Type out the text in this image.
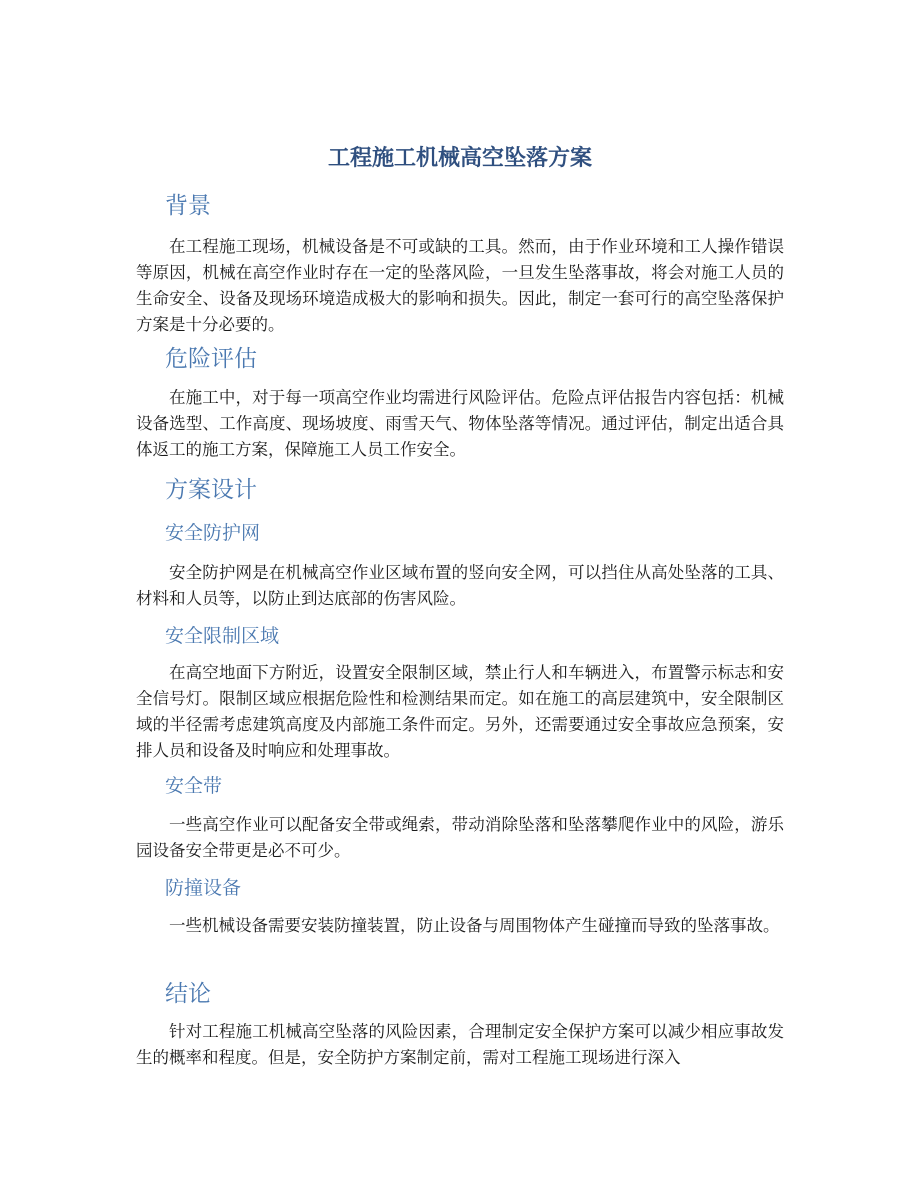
工程施工机械高空坠落方案
背景

在工程施工现场，机械设备是不可或缺的工具。然而，由于作业环境和工人操作错误等原因，机械在高空作业时存在一定的坠落风险，一旦发生坠落事故，将会对施工人员的生命安全、设备及现场环境造成极大的影响和损失。因此，制定一套可行的高空坠落保护方案是十分必要的。

危险评估

在施工中，对于每一项高空作业均需进行风险评估。危险点评估报告内容包括：机械设备选型、工作高度、现场坡度、雨雪天气、物体坠落等情况。通过评估，制定出适合具体返工的施工方案，保障施工人员工作安全。

方案设计
安全防护网

安全防护网是在机械高空作业区域布置的竖向安全网，可以挡住从高处坠落的工具、材料和人员等，以防止到达底部的伤害风险。

安全限制区域

在高空地面下方附近，设置安全限制区域，禁止行人和车辆进入，布置警示标志和安全信号灯。限制区域应根据危险性和检测结果而定。如在施工的高层建筑中，安全限制区域的半径需考虑建筑高度及内部施工条件而定。另外，还需要通过安全事故应急预案，安排人员和设备及时响应和处理事故。

安全带

一些高空作业可以配备安全带或绳索，带动消除坠落和坠落攀爬作业中的风险，游乐园设备安全带更是必不可少。

防撞设备

一些机械设备需要安装防撞装置，防止设备与周围物体产生碰撞而导致的坠落事故。

结论

针对工程施工机械高空坠落的风险因素，合理制定安全保护方案可以减少相应事故发生的概率和程度。但是，安全防护方案制定前，需对工程施工现场进行深入
